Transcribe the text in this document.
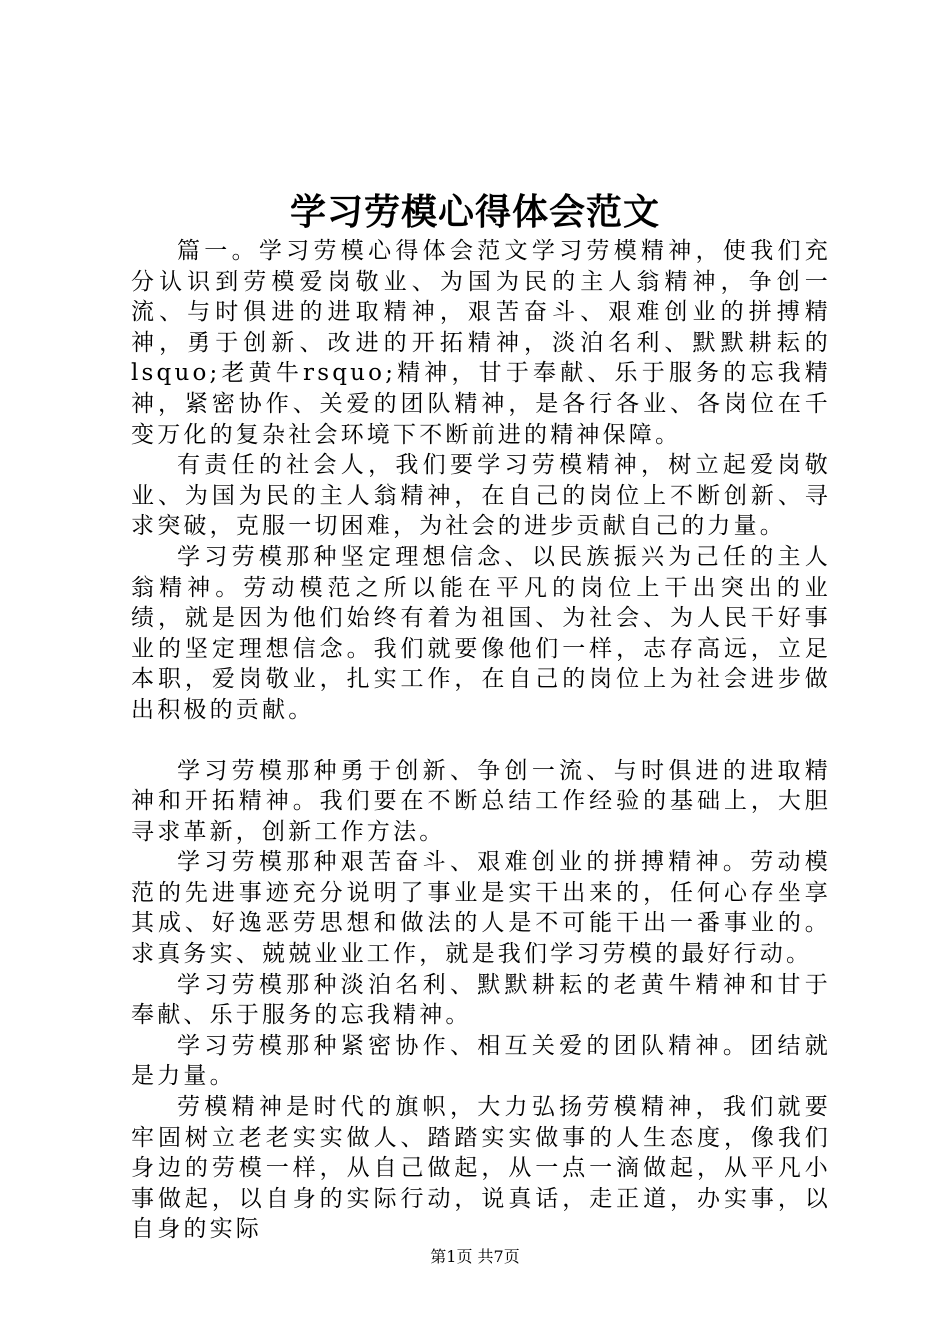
学习劳模心得体会范文

篇一。学习劳模心得体会范文学习劳模精神，使我们充分认识到劳模爱岗敬业、为国为民的主人翁精神，争创一流、与时俱进的进取精神，艰苦奋斗、艰难创业的拼搏精神，勇于创新、改进的开拓精神，淡泊名利、默默耕耘的lsquo;老黄牛rsquo;精神，甘于奉献、乐于服务的忘我精神，紧密协作、关爱的团队精神，是各行各业、各岗位在千变万化的复杂社会环境下不断前进的精神保障。

有责任的社会人，我们要学习劳模精神，树立起爱岗敬业、为国为民的主人翁精神，在自己的岗位上不断创新、寻求突破，克服一切困难，为社会的进步贡献自己的力量。

学习劳模那种坚定理想信念、以民族振兴为己任的主人翁精神。劳动模范之所以能在平凡的岗位上干出突出的业绩，就是因为他们始终有着为祖国、为社会、为人民干好事业的坚定理想信念。我们就要像他们一样，志存高远，立足本职，爱岗敬业，扎实工作，在自己的岗位上为社会进步做出积极的贡献。

学习劳模那种勇于创新、争创一流、与时俱进的进取精神和开拓精神。我们要在不断总结工作经验的基础上，大胆寻求革新，创新工作方法。

学习劳模那种艰苦奋斗、艰难创业的拼搏精神。劳动模范的先进事迹充分说明了事业是实干出来的，任何心存坐享其成、好逸恶劳思想和做法的人是不可能干出一番事业的。求真务实、兢兢业业工作，就是我们学习劳模的最好行动。

学习劳模那种淡泊名利、默默耕耘的老黄牛精神和甘于奉献、乐于服务的忘我精神。

学习劳模那种紧密协作、相互关爱的团队精神。团结就是力量。

劳模精神是时代的旗帜，大力弘扬劳模精神，我们就要牢固树立老老实实做人、踏踏实实做事的人生态度，像我们身边的劳模一样，从自己做起，从一点一滴做起，从平凡小事做起，以自身的实际行动，说真话，走正道，办实事，以自身的实际

第1页 共7页
